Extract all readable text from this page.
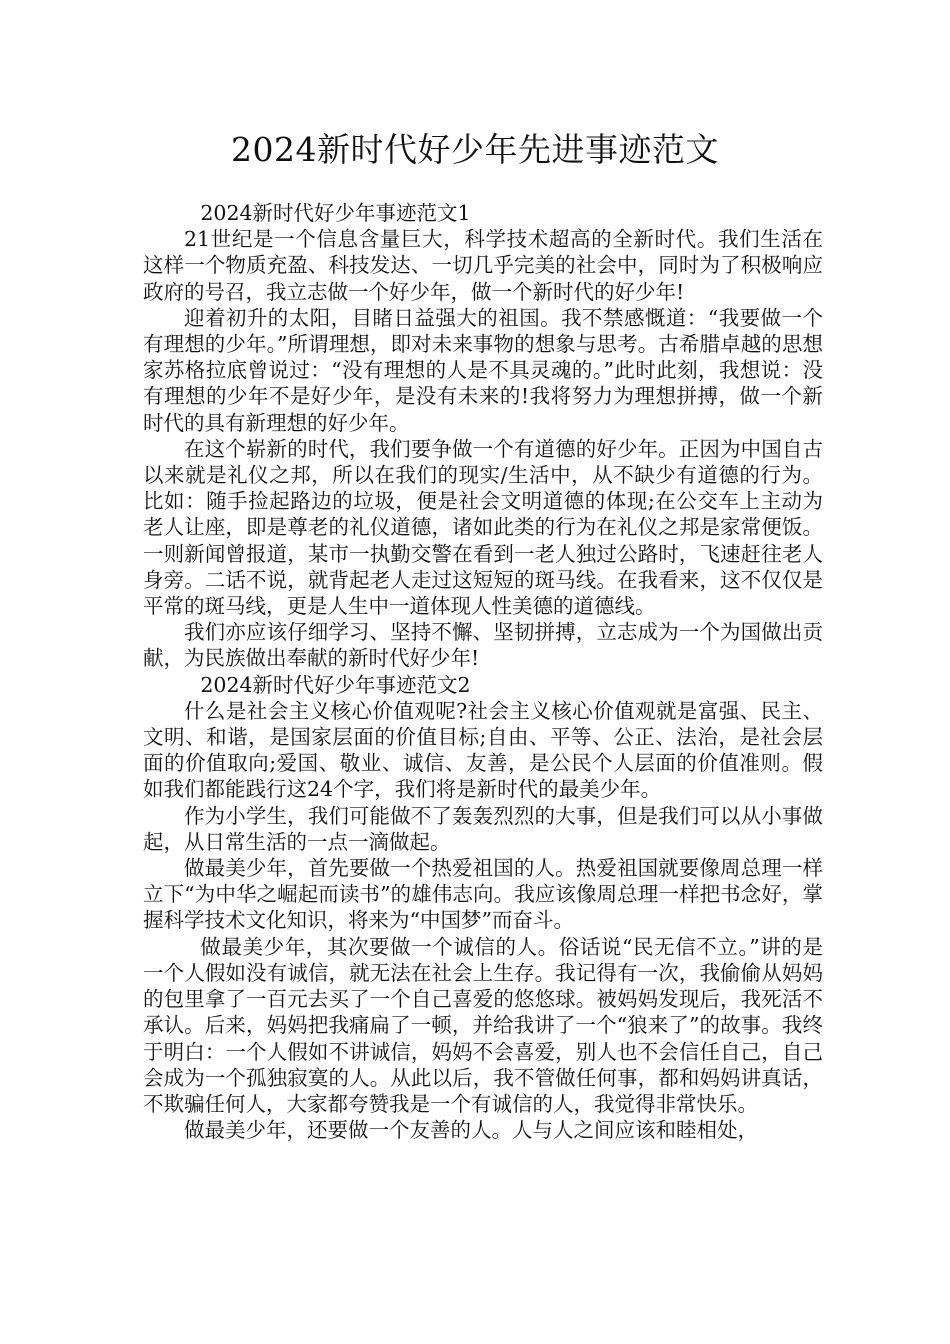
2024新时代好少年先进事迹范文

2024新时代好少年事迹范文1

21世纪是一个信息含量巨大，科学技术超高的全新时代。我们生活在这样一个物质充盈、科技发达、一切几乎完美的社会中，同时为了积极响应政府的号召，我立志做一个好少年，做一个新时代的好少年!

迎着初升的太阳，目睹日益强大的祖国。我不禁感慨道：“我要做一个有理想的少年。”所谓理想，即对未来事物的想象与思考。古希腊卓越的思想家苏格拉底曾说过：“没有理想的人是不具灵魂的。”此时此刻，我想说：没有理想的少年不是好少年，是没有未来的!我将努力为理想拼搏，做一个新时代的具有新理想的好少年。

在这个崭新的时代，我们要争做一个有道德的好少年。正因为中国自古以来就是礼仪之邦，所以在我们的现实/生活中，从不缺少有道德的行为。比如：随手捡起路边的垃圾，便是社会文明道德的体现;在公交车上主动为老人让座，即是尊老的礼仪道德，诸如此类的行为在礼仪之邦是家常便饭。一则新闻曾报道，某市一执勤交警在看到一老人独过公路时，飞速赶往老人身旁。二话不说，就背起老人走过这短短的斑马线。在我看来，这不仅仅是平常的斑马线，更是人生中一道体现人性美德的道德线。

我们亦应该仔细学习、坚持不懈、坚韧拼搏，立志成为一个为国做出贡献，为民族做出奉献的新时代好少年!

2024新时代好少年事迹范文2

什么是社会主义核心价值观呢?社会主义核心价值观就是富强、民主、文明、和谐，是国家层面的价值目标;自由、平等、公正、法治，是社会层面的价值取向;爱国、敬业、诚信、友善，是公民个人层面的价值准则。假如我们都能践行这24个字，我们将是新时代的最美少年。

作为小学生，我们可能做不了轰轰烈烈的大事，但是我们可以从小事做起，从日常生活的一点一滴做起。

做最美少年，首先要做一个热爱祖国的人。热爱祖国就要像周总理一样立下“为中华之崛起而读书”的雄伟志向。我应该像周总理一样把书念好，掌握科学技术文化知识，将来为“中国梦”而奋斗。

做最美少年，其次要做一个诚信的人。俗话说“民无信不立。”讲的是一个人假如没有诚信，就无法在社会上生存。我记得有一次，我偷偷从妈妈的包里拿了一百元去买了一个自己喜爱的悠悠球。被妈妈发现后，我死活不承认。后来，妈妈把我痛扁了一顿，并给我讲了一个“狼来了”的故事。我终于明白：一个人假如不讲诚信，妈妈不会喜爱，别人也不会信任自己，自己会成为一个孤独寂寞的人。从此以后，我不管做任何事，都和妈妈讲真话，不欺骗任何人，大家都夸赞我是一个有诚信的人，我觉得非常快乐。

做最美少年，还要做一个友善的人。人与人之间应该和睦相处，
